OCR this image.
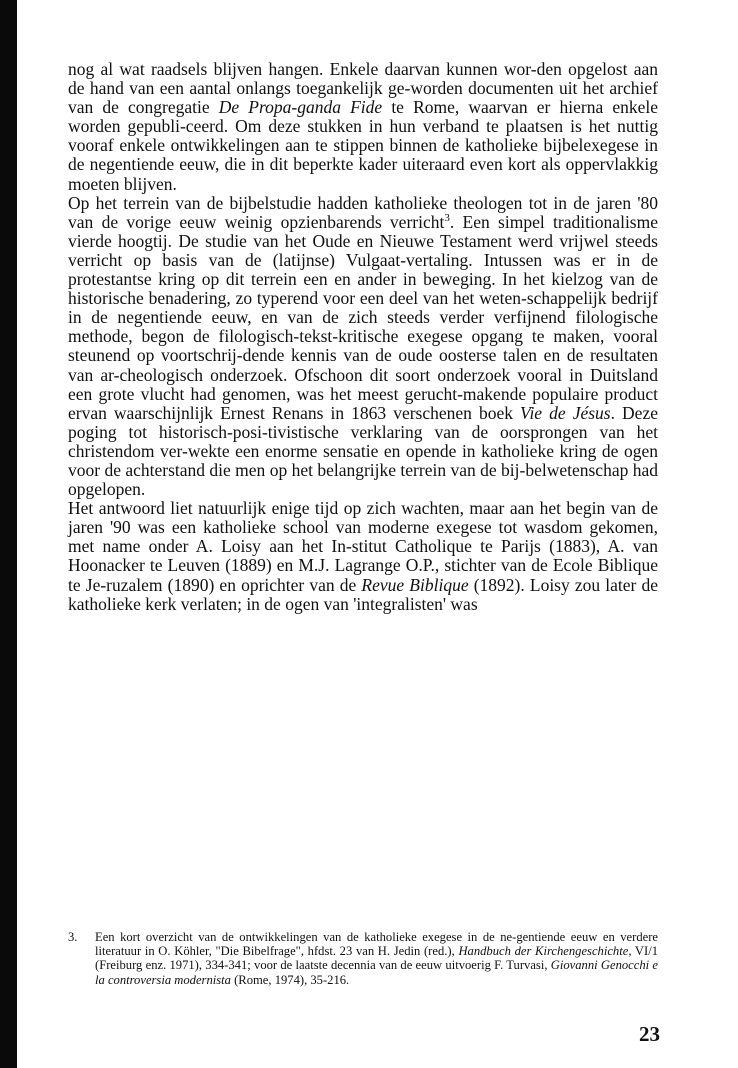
nog al wat raadsels blijven hangen. Enkele daarvan kunnen wor-den opgelost aan de hand van een aantal onlangs toegankelijk ge-worden documenten uit het archief van de congregatie De Propa-ganda Fide te Rome, waarvan er hierna enkele worden gepubli-ceerd. Om deze stukken in hun verband te plaatsen is het nuttig vooraf enkele ontwikkelingen aan te stippen binnen de katholieke bijbelexegese in de negentiende eeuw, die in dit beperkte kader uiteraard even kort als oppervlakkig moeten blijven.

Op het terrein van de bijbelstudie hadden katholieke theologen tot in de jaren '80 van de vorige eeuw weinig opzienbarends verricht$^3$. Een simpel traditionalisme vierde hoogtij. De studie van het Oude en Nieuwe Testament werd vrijwel steeds verricht op basis van de (latijnse) Vulgaat-vertaling. Intussen was er in de protestantse kring op dit terrein een en ander in beweging. In het kielzog van de historische benadering, zo typerend voor een deel van het weten-schappelijk bedrijf in de negentiende eeuw, en van de zich steeds verder verfijnend filologische methode, begon de filologisch-tekst-kritische exegese opgang te maken, vooral steunend op voortschrij-dende kennis van de oude oosterse talen en de resultaten van ar-cheologisch onderzoek. Ofschoon dit soort onderzoek vooral in Duitsland een grote vlucht had genomen, was het meest gerucht-makende populaire product ervan waarschijnlijk Ernest Renans in 1863 verschenen boek Vie de Jésus. Deze poging tot historisch-posi-tivistische verklaring van de oorsprongen van het christendom ver-wekte een enorme sensatie en opende in katholieke kring de ogen voor de achterstand die men op het belangrijke terrein van de bij-belwetenschap had opgelopen.

Het antwoord liet natuurlijk enige tijd op zich wachten, maar aan het begin van de jaren '90 was een katholieke school van moderne exegese tot wasdom gekomen, met name onder A. Loisy aan het In-stitut Catholique te Parijs (1883), A. van Hoonacker te Leuven (1889) en M.J. Lagrange O.P., stichter van de Ecole Biblique te Je-ruzalem (1890) en oprichter van de Revue Biblique (1892). Loisy zou later de katholieke kerk verlaten; in de ogen van 'integralisten' was

3.	Een kort overzicht van de ontwikkelingen van de katholieke exegese in de ne-gentiende eeuw en verdere literatuur in O. Köhler, "Die Bibelfrage", hfdst. 23 van H. Jedin (red.), Handbuch der Kirchengeschichte, VI/1 (Freiburg enz. 1971), 334-341; voor de laatste decennia van de eeuw uitvoerig F. Turvasi, Giovanni Genocchi e la controversia modernista (Rome, 1974), 35-216.

23
